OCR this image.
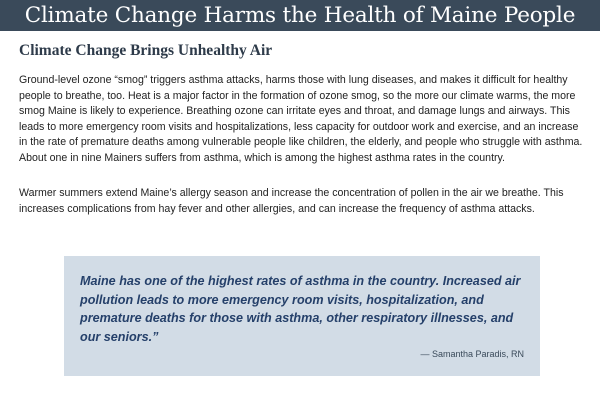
Climate Change Harms the Health of Maine People
Climate Change Brings Unhealthy Air

Ground-level ozone “smog” triggers asthma attacks, harms those with lung diseases, and makes it difficult for healthy people to breathe, too. Heat is a major factor in the formation of ozone smog, so the more our climate warms, the more smog Maine is likely to experience. Breathing ozone can irritate eyes and throat, and damage lungs and airways. This leads to more emergency room visits and hospitalizations, less capacity for outdoor work and exercise, and an increase in the rate of premature deaths among vulnerable people like children, the elderly, and people who struggle with asthma. About one in nine Mainers suffers from asthma, which is among the highest asthma rates in the country.

Warmer summers extend Maine’s allergy season and increase the concentration of pollen in the air we breathe. This increases complications from hay fever and other allergies, and can increase the frequency of asthma attacks.

Maine has one of the highest rates of asthma in the country. Increased air pollution leads to more emergency room visits, hospitalization, and premature deaths for those with asthma, other respiratory illnesses, and our seniors.”

— Samantha Paradis, RN
